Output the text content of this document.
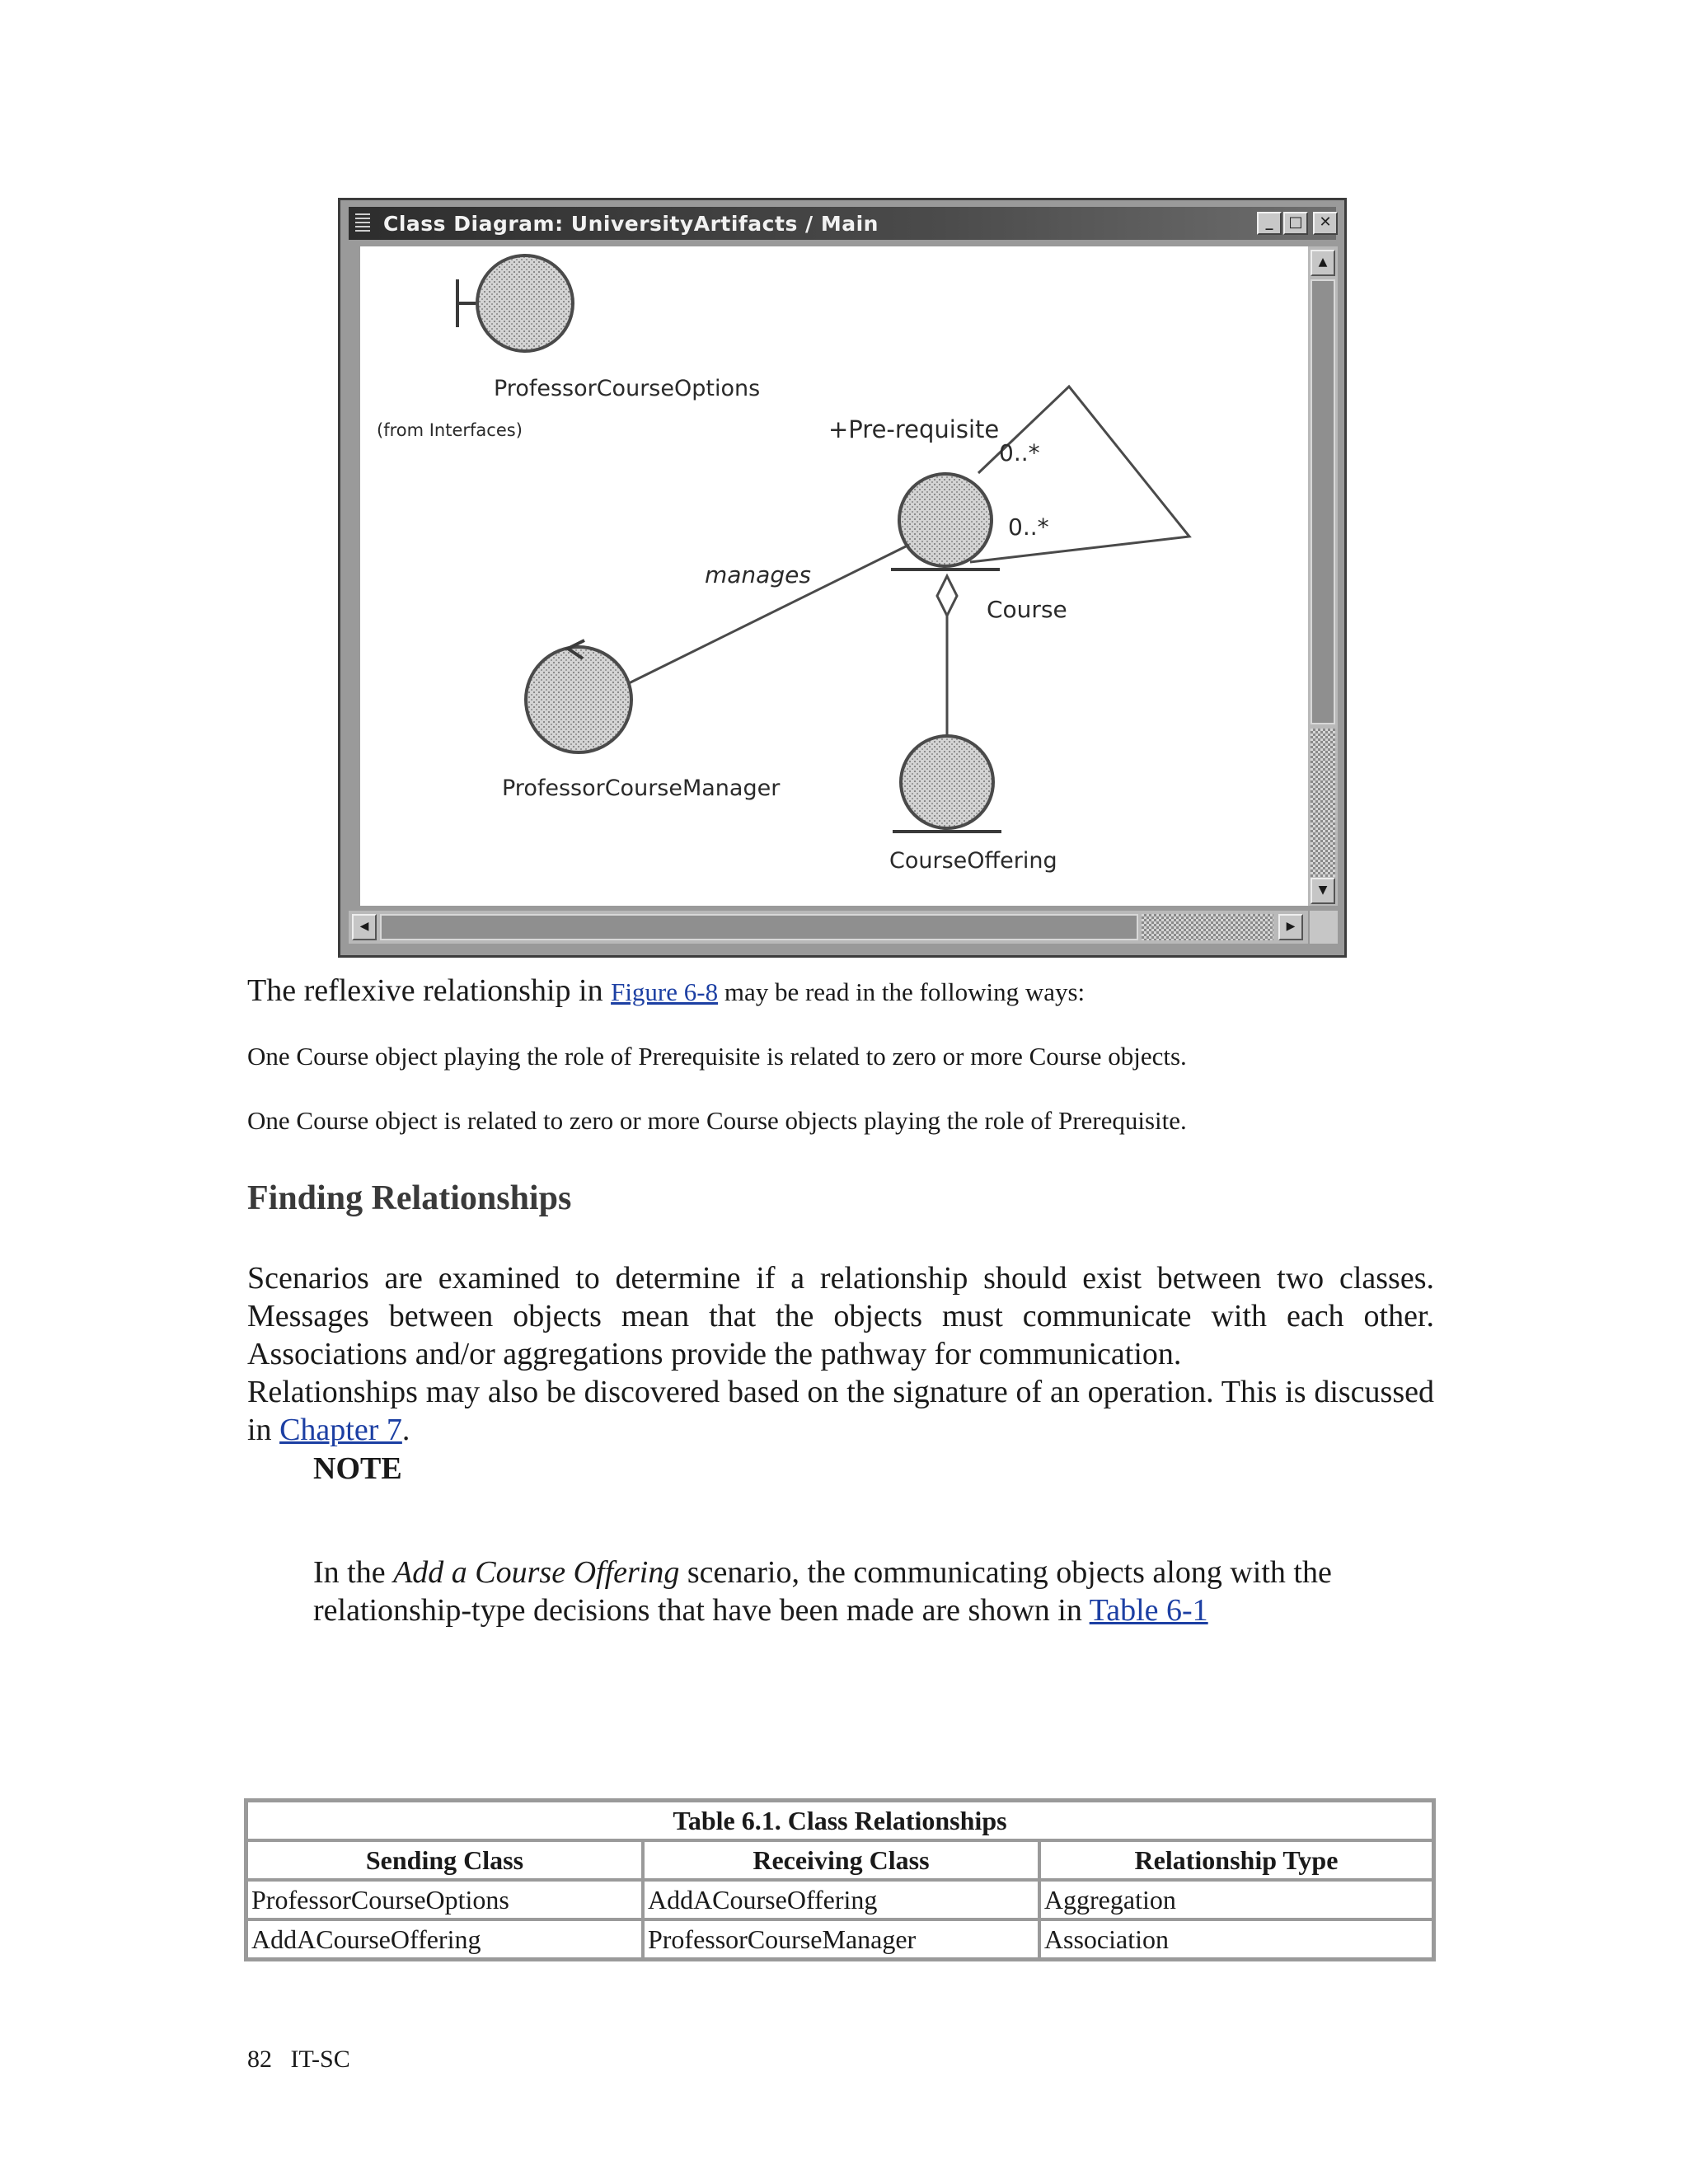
Class Diagram: UniversityArtifacts / Main	_	□	✕
ProfessorCourseOptions
(from Interfaces)	+Pre-requisite
0..*
0..*
Course
manages
ProfessorCourseManager
CourseOffering
▲
▼
◀	▶

The reflexive relationship in Figure 6-8 may be read in the following ways:

One Course object playing the role of Prerequisite is related to zero or more Course objects.

One Course object is related to zero or more Course objects playing the role of Prerequisite.

Finding Relationships

Scenarios are examined to determine if a relationship should exist between two classes. Messages between objects mean that the objects must communicate with each other. Associations and/or aggregations provide the pathway for communication.

Relationships may also be discovered based on the signature of an operation. This is discussed in Chapter 7.

NOTE

In the Add a Course Offering scenario, the communicating objects along with the relationship-type decisions that have been made are shown in Table 6-1

Table 6.1. Class Relationships		
Sending Class	Receiving Class	Relationship Type
ProfessorCourseOptions	AddACourseOffering	Aggregation
AddACourseOffering	ProfessorCourseManager	Association
82 IT-SC
